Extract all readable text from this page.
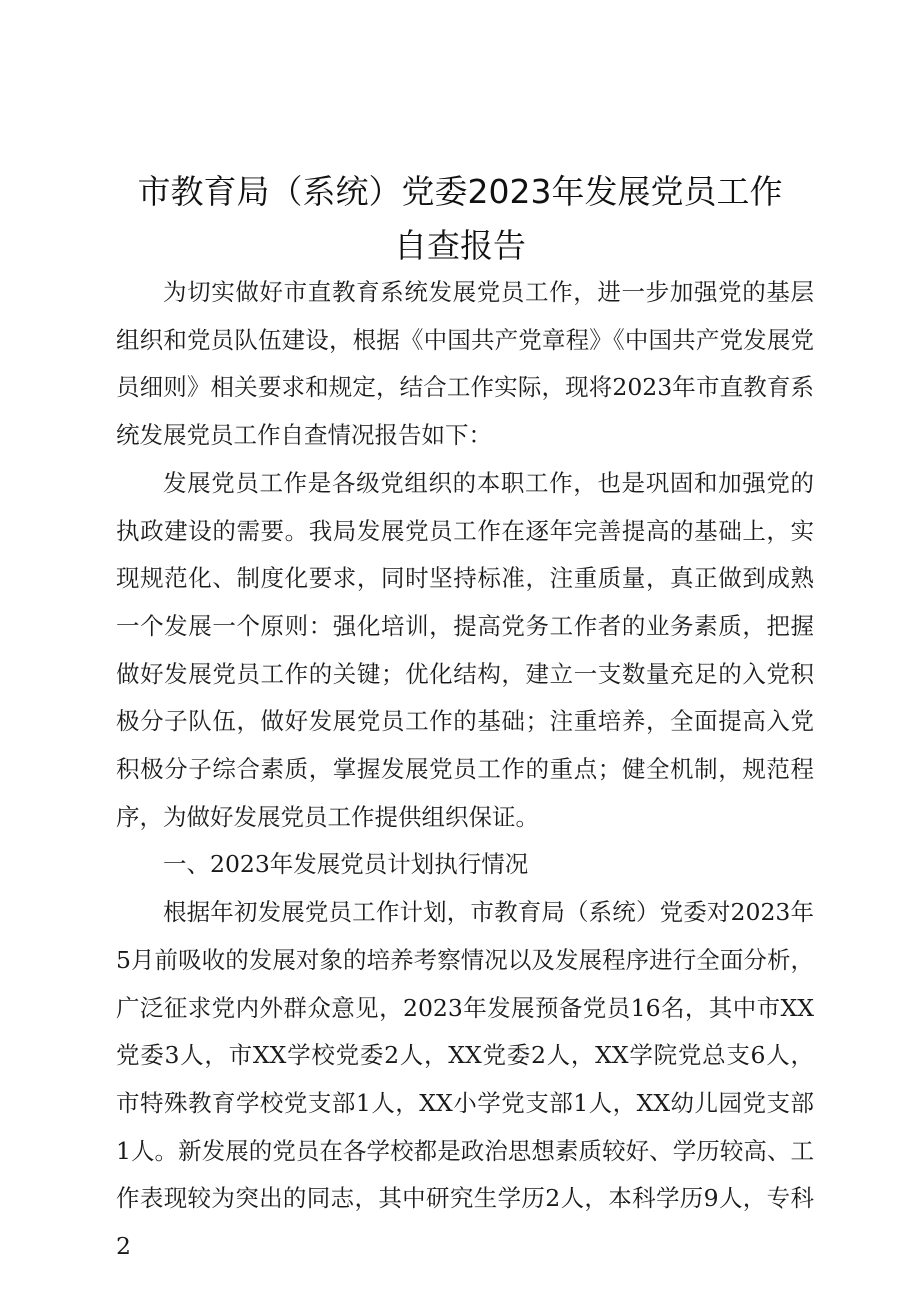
市教育局（系统）党委2023年发展党员工作
自查报告

为切实做好市直教育系统发展党员工作，进一步加强党的基层组织和党员队伍建设，根据《中国共产党章程》《中国共产党发展党员细则》相关要求和规定，结合工作实际，现将2023年市直教育系统发展党员工作自查情况报告如下：

发展党员工作是各级党组织的本职工作，也是巩固和加强党的执政建设的需要。我局发展党员工作在逐年完善提高的基础上，实现规范化、制度化要求，同时坚持标准，注重质量，真正做到成熟一个发展一个原则：强化培训，提高党务工作者的业务素质，把握做好发展党员工作的关键；优化结构，建立一支数量充足的入党积极分子队伍，做好发展党员工作的基础；注重培养，全面提高入党积极分子综合素质，掌握发展党员工作的重点；健全机制，规范程序，为做好发展党员工作提供组织保证。

一、2023年发展党员计划执行情况

根据年初发展党员工作计划，市教育局（系统）党委对2023年5月前吸收的发展对象的培养考察情况以及发展程序进行全面分析，广泛征求党内外群众意见，2023年发展预备党员16名，其中市XX党委3人，市XX学校党委2人，XX党委2人，XX学院党总支6人，市特殊教育学校党支部1人，XX小学党支部1人，XX幼儿园党支部1人。新发展的党员在各学校都是政治思想素质较好、学历较高、工作表现较为突出的同志，其中研究生学历2人，本科学历9人，专科2
